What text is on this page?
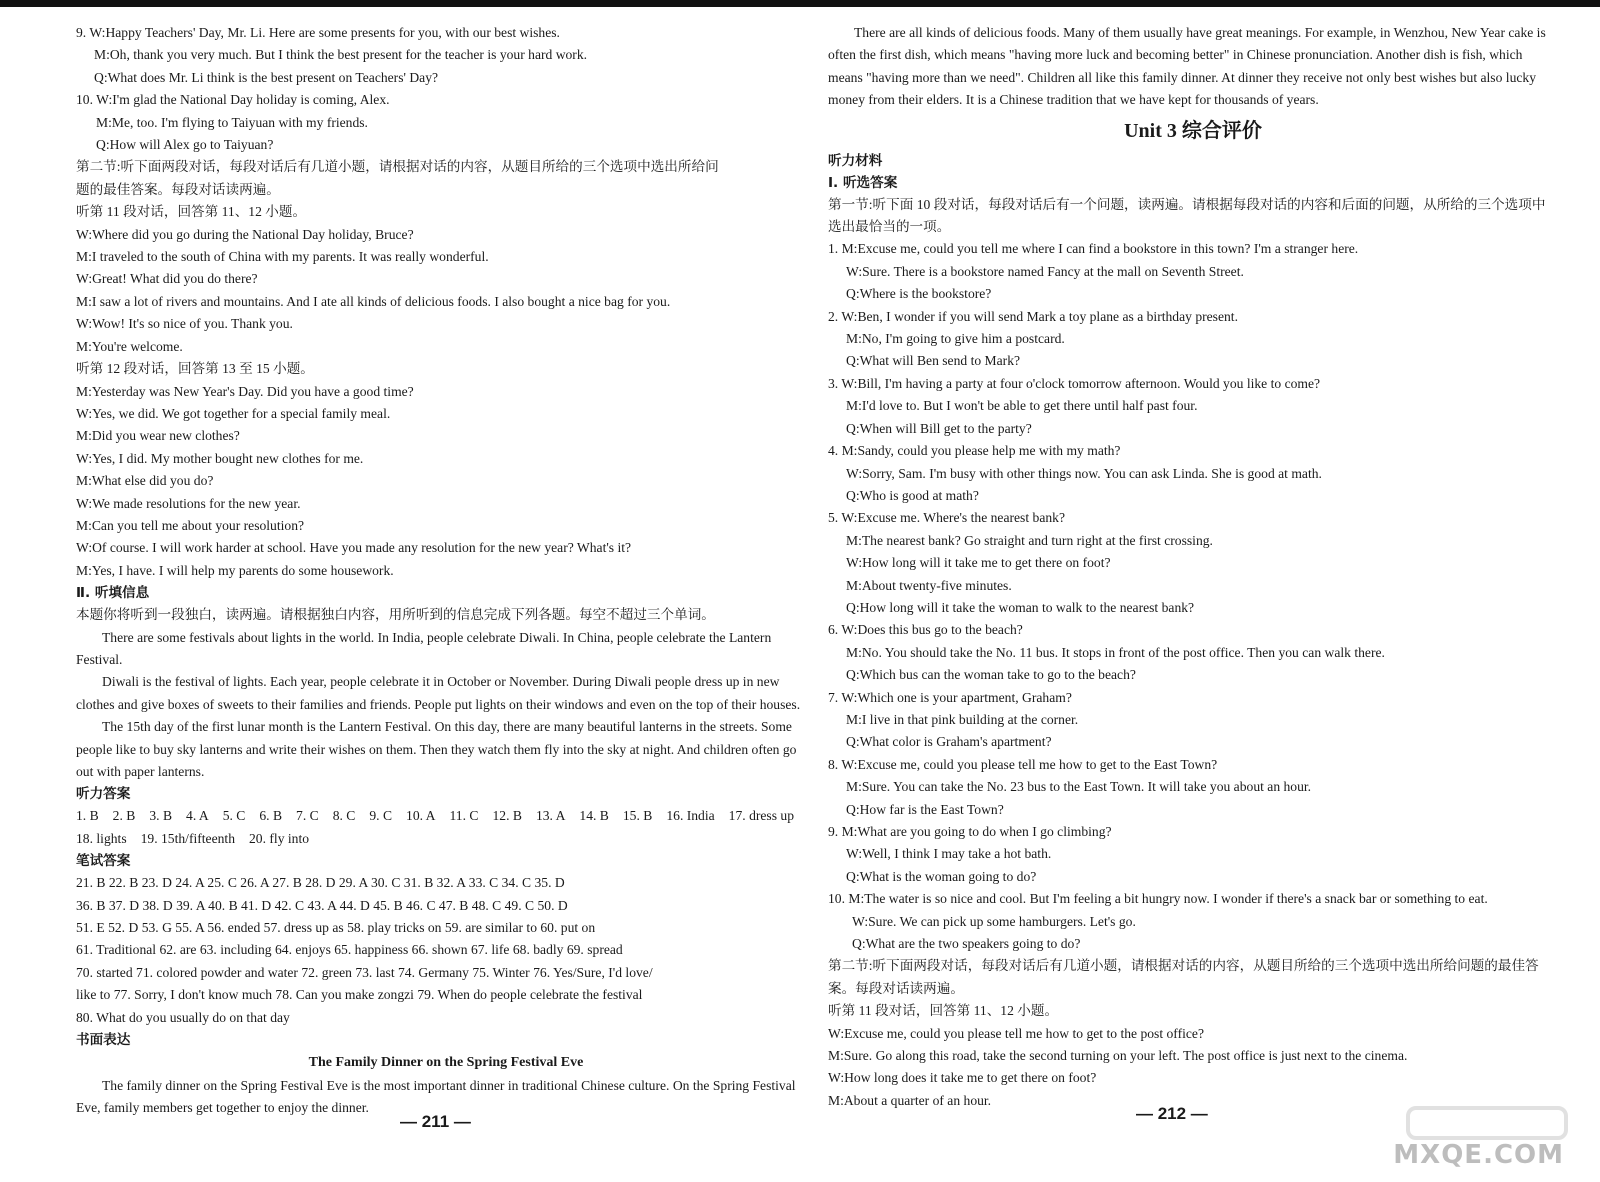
9. W:Happy Teachers' Day, Mr. Li. Here are some presents for you, with our best wishes.
M:Oh, thank you very much. But I think the best present for the teacher is your hard work.
Q:What does Mr. Li think is the best present on Teachers' Day?
10. W:I'm glad the National Day holiday is coming, Alex.
M:Me, too. I'm flying to Taiyuan with my friends.
Q:How will Alex go to Taiyuan?
第二节:听下面两段对话，每段对话后有几道小题，请根据对话的内容，从题目所给的三个选项中选出所给问
题的最佳答案。每段对话读两遍。
听第 11 段对话，回答第 11、12 小题。
W:Where did you go during the National Day holiday, Bruce?
M:I traveled to the south of China with my parents. It was really wonderful.
W:Great! What did you do there?
M:I saw a lot of rivers and mountains. And I ate all kinds of delicious foods. I also bought a nice bag for you.
W:Wow! It's so nice of you. Thank you.
M:You're welcome.
听第 12 段对话，回答第 13 至 15 小题。
M:Yesterday was New Year's Day. Did you have a good time?
W:Yes, we did. We got together for a special family meal.
M:Did you wear new clothes?
W:Yes, I did. My mother bought new clothes for me.
M:What else did you do?
W:We made resolutions for the new year.
M:Can you tell me about your resolution?
W:Of course. I will work harder at school. Have you made any resolution for the new year? What's it?
M:Yes, I have. I will help my parents do some housework.
Ⅱ. 听填信息
本题你将听到一段独白，读两遍。请根据独白内容，用所听到的信息完成下列各题。每空不超过三个单词。
There are some festivals about lights in the world. In India, people celebrate Diwali. In China, people celebrate the Lantern Festival.
Diwali is the festival of lights. Each year, people celebrate it in October or November. During Diwali people dress up in new clothes and give boxes of sweets to their families and friends. People put lights on their windows and even on the top of their houses.
The 15th day of the first lunar month is the Lantern Festival. On this day, there are many beautiful lanterns in the streets. Some people like to buy sky lanterns and write their wishes on them. Then they watch them fly into the sky at night. And children often go out with paper lanterns.
听力答案
1. B 2. B 3. B 4. A 5. C 6. B 7. C 8. C 9. C 10. A 11. C 12. B 13. A 14. B 15. B 16. India 17. dress up18. lights 19. 15th/fifteenth 20. fly into
笔试答案
21. B 22. B 23. D 24. A 25. C 26. A 27. B 28. D 29. A 30. C 31. B 32. A 33. C 34. C 35. D
36. B 37. D 38. D 39. A 40. B 41. D 42. C 43. A 44. D 45. B 46. C 47. B 48. C 49. C 50. D
51. E 52. D 53. G 55. A 56. ended 57. dress up as 58. play tricks on 59. are similar to 60. put on
61. Traditional 62. are 63. including 64. enjoys 65. happiness 66. shown 67. life 68. badly 69. spread
70. started 71. colored powder and water 72. green 73. last 74. Germany 75. Winter 76. Yes/Sure, I'd love/
like to 77. Sorry, I don't know much 78. Can you make zongzi 79. When do people celebrate the festival
80. What do you usually do on that day
书面表达
The Family Dinner on the Spring Festival Eve
The family dinner on the Spring Festival Eve is the most important dinner in traditional Chinese culture. On the Spring Festival Eve, family members get together to enjoy the dinner.
There are all kinds of delicious foods. Many of them usually have great meanings. For example, in Wenzhou, New Year cake is often the first dish, which means "having more luck and becoming better" in Chinese pronunciation. Another dish is fish, which means "having more than we need". Children all like this family dinner. At dinner they receive not only best wishes but also lucky money from their elders. It is a Chinese tradition that we have kept for thousands of years.
Unit 3 综合评价
听力材料
Ⅰ. 听选答案
第一节:听下面 10 段对话，每段对话后有一个问题，读两遍。请根据每段对话的内容和后面的问题，从所给的三个选项中选出最恰当的一项。
1. M:Excuse me, could you tell me where I can find a bookstore in this town? I'm a stranger here.
W:Sure. There is a bookstore named Fancy at the mall on Seventh Street.
Q:Where is the bookstore?
2. W:Ben, I wonder if you will send Mark a toy plane as a birthday present.
M:No, I'm going to give him a postcard.
Q:What will Ben send to Mark?
3. W:Bill, I'm having a party at four o'clock tomorrow afternoon. Would you like to come?
M:I'd love to. But I won't be able to get there until half past four.
Q:When will Bill get to the party?
4. M:Sandy, could you please help me with my math?
W:Sorry, Sam. I'm busy with other things now. You can ask Linda. She is good at math.
Q:Who is good at math?
5. W:Excuse me. Where's the nearest bank?
M:The nearest bank? Go straight and turn right at the first crossing.
W:How long will it take me to get there on foot?
M:About twenty-five minutes.
Q:How long will it take the woman to walk to the nearest bank?
6. W:Does this bus go to the beach?
M:No. You should take the No. 11 bus. It stops in front of the post office. Then you can walk there.
Q:Which bus can the woman take to go to the beach?
7. W:Which one is your apartment, Graham?
M:I live in that pink building at the corner.
Q:What color is Graham's apartment?
8. W:Excuse me, could you please tell me how to get to the East Town?
M:Sure. You can take the No. 23 bus to the East Town. It will take you about an hour.
Q:How far is the East Town?
9. M:What are you going to do when I go climbing?
W:Well, I think I may take a hot bath.
Q:What is the woman going to do?
10. M:The water is so nice and cool. But I'm feeling a bit hungry now. I wonder if there's a snack bar or something to eat.
W:Sure. We can pick up some hamburgers. Let's go.
Q:What are the two speakers going to do?
第二节:听下面两段对话，每段对话后有几道小题，请根据对话的内容，从题目所给的三个选项中选出所给问题的最佳答案。每段对话读两遍。
听第 11 段对话，回答第 11、12 小题。
W:Excuse me, could you please tell me how to get to the post office?
M:Sure. Go along this road, take the second turning on your left. The post office is just next to the cinema.
W:How long does it take me to get there on foot?
M:About a quarter of an hour.
— 211 —	— 212 —
MXQE.COM
